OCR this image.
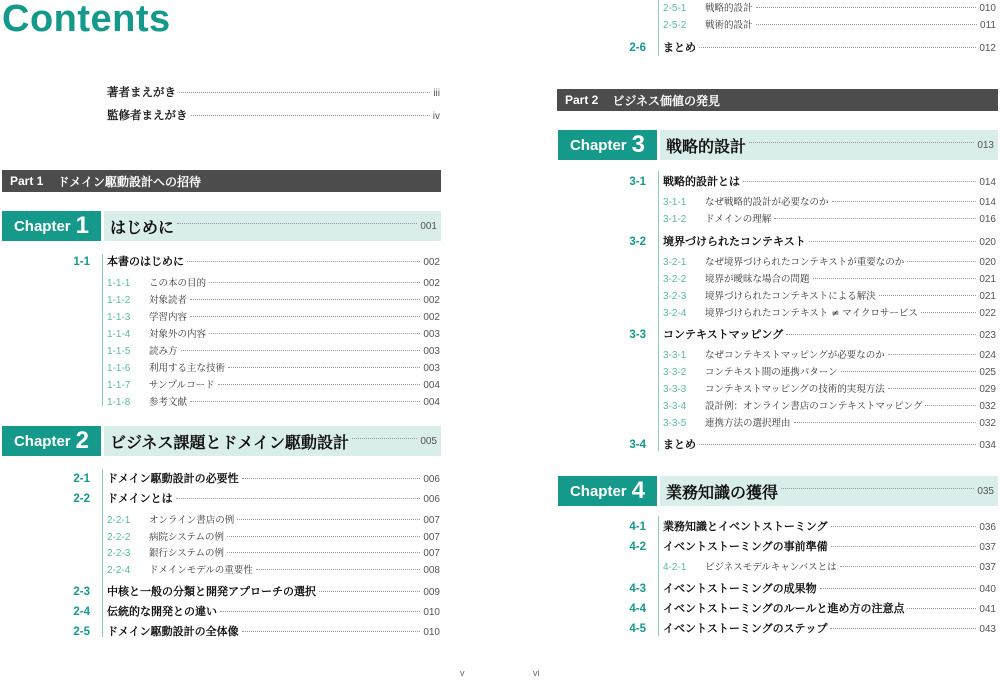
Contents
著者まえがき	iii
監修者まえがき	iv
Part 1 ドメイン駆動設計への招待
Chapter 1 はじめに	001
1-1 本書のはじめに	002
1-1-1	この本の目的	002
1-1-2	対象読者	002
1-1-3	学習内容	002
1-1-4	対象外の内容	003
1-1-5	読み方	003
1-1-6	利用する主な技術	003
1-1-7	サンプルコード	004
1-1-8	参考文献	004
Chapter 2 ビジネス課題とドメイン駆動設計	005
2-1 ドメイン駆動設計の必要性	006
2-2 ドメインとは	006
2-2-1	オンライン書店の例	007
2-2-2	病院システムの例	007
2-2-3	銀行システムの例	007
2-2-4	ドメインモデルの重要性	008
2-3 中核と一般の分類と開発アプローチの選択	009
2-4 伝統的な開発との違い	010
2-5 ドメイン駆動設計の全体像	010
v
2-5-1	戦略的設計	010
2-5-2	戦術的設計	011
2-6 まとめ	012
Part 2 ビジネス価値の発見
Chapter 3 戦略的設計	013
3-1 戦略的設計とは	014
3-1-1	なぜ戦略的設計が必要なのか	014
3-1-2	ドメインの理解	016
3-2 境界づけられたコンテキスト	020
3-2-1	なぜ境界づけられたコンテキストが重要なのか	020
3-2-2	境界が曖昧な場合の問題	021
3-2-3	境界づけられたコンテキストによる解決	021
3-2-4	境界づけられたコンテキスト ≠ マイクロサービス	022
3-3 コンテキストマッピング	023
3-3-1	なぜコンテキストマッピングが必要なのか	024
3-3-2	コンテキスト間の連携パターン	025
3-3-3	コンテキストマッピングの技術的実現方法	029
3-3-4	設計例：オンライン書店のコンテキストマッピング	032
3-3-5	連携方法の選択理由	032
3-4 まとめ	034
Chapter 4 業務知識の獲得	035
4-1 業務知識とイベントストーミング	036
4-2 イベントストーミングの事前準備	037
4-2-1	ビジネスモデルキャンバスとは	037
4-3 イベントストーミングの成果物	040
4-4 イベントストーミングのルールと進め方の注意点	041
4-5 イベントストーミングのステップ	043
vi
